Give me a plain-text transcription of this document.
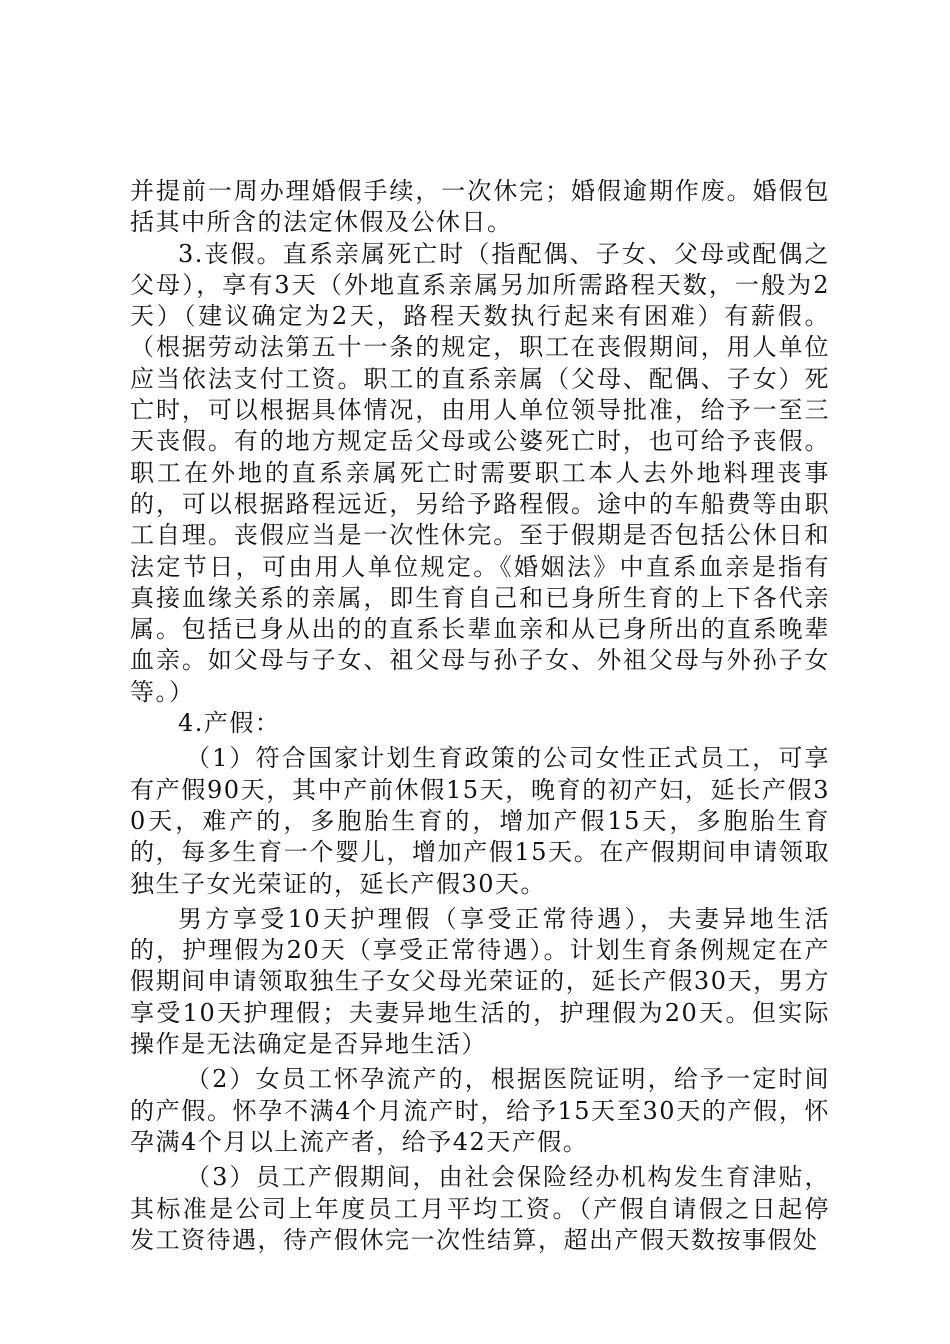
并提前一周办理婚假手续，一次休完；婚假逾期作废。婚假包括其中所含的法定休假及公休日。

3.丧假。直系亲属死亡时（指配偶、子女、父母或配偶之父母），享有3天（外地直系亲属另加所需路程天数，一般为2天）（建议确定为2天，路程天数执行起来有困难）有薪假。（根据劳动法第五十一条的规定，职工在丧假期间，用人单位应当依法支付工资。职工的直系亲属（父母、配偶、子女）死亡时，可以根据具体情况，由用人单位领导批准，给予一至三天丧假。有的地方规定岳父母或公婆死亡时，也可给予丧假。职工在外地的直系亲属死亡时需要职工本人去外地料理丧事的，可以根据路程远近，另给予路程假。途中的车船费等由职工自理。丧假应当是一次性休完。至于假期是否包括公休日和法定节日，可由用人单位规定。《婚姻法》中直系血亲是指有真接血缘关系的亲属，即生育自己和已身所生育的上下各代亲属。包括已身从出的的直系长辈血亲和从已身所出的直系晚辈血亲。如父母与子女、祖父母与孙子女、外祖父母与外孙子女等。）

4.产假：

（1）符合国家计划生育政策的公司女性正式员工，可享有产假90天，其中产前休假15天，晚育的初产妇，延长产假30天，难产的，多胞胎生育的，增加产假15天，多胞胎生育的，每多生育一个婴儿，增加产假15天。在产假期间申请领取独生子女光荣证的，延长产假30天。

男方享受10天护理假（享受正常待遇），夫妻异地生活的，护理假为20天（享受正常待遇）。计划生育条例规定在产假期间申请领取独生子女父母光荣证的，延长产假30天，男方享受10天护理假；夫妻异地生活的，护理假为20天。但实际操作是无法确定是否异地生活）

（2）女员工怀孕流产的，根据医院证明，给予一定时间的产假。怀孕不满4个月流产时，给予15天至30天的产假，怀孕满4个月以上流产者，给予42天产假。

（3）员工产假期间，由社会保险经办机构发生育津贴，其标准是公司上年度员工月平均工资。（产假自请假之日起停发工资待遇，待产假休完一次性结算，超出产假天数按事假处
